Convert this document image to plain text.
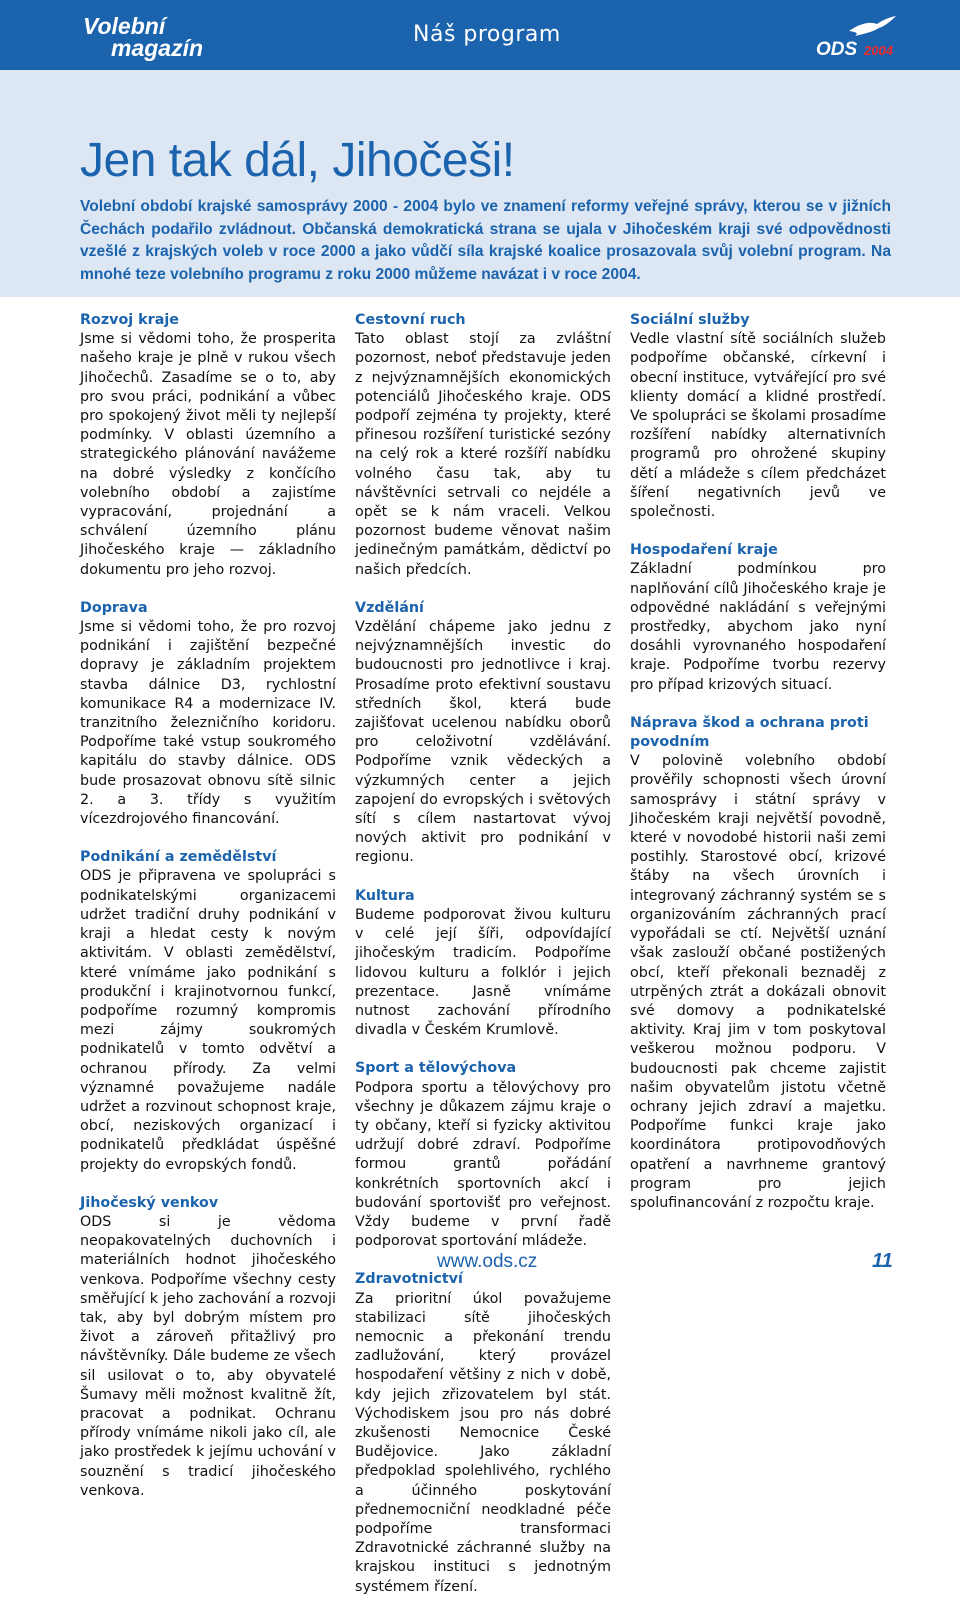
Volební
magazín
Náš program
ODS 2004
Jen tak dál, Jihočeši!

Volební období krajské samosprávy 2000 - 2004 bylo ve znamení reformy veřejné správy, kterou se v jižních Čechách podařilo zvládnout. Občanská demokratická strana se ujala v Jihočeském kraji své odpovědnosti vzešlé z krajských voleb v roce 2000 a jako vůdčí síla krajské koalice prosazovala svůj volební program. Na mnohé teze volebního programu z roku 2000 můžeme navázat i v roce 2004.

Rozvoj kraje

Jsme si vědomi toho, že prosperita našeho kraje je plně v rukou všech Jihočechů. Zasadíme se o to, aby pro svou práci, podnikání a vůbec pro spokojený život měli ty nejlepší podmínky. V oblasti územního a strategického plánování navážeme na dobré výsledky z končícího volebního období a zajistíme vypracování, projednání a schválení územního plánu Jihočeského kraje — základního dokumentu pro jeho rozvoj.

Doprava

Jsme si vědomi toho, že pro rozvoj podnikání i zajištění bezpečné dopravy je základním projektem stavba dálnice D3, rychlostní komunikace R4 a modernizace IV. tranzitního železničního koridoru. Podpoříme také vstup soukromého kapitálu do stavby dálnice. ODS bude prosazovat obnovu sítě silnic 2. a 3. třídy s využitím vícezdrojového financování.

Podnikání a zemědělství

ODS je připravena ve spolupráci s podnikatelskými organizacemi udržet tradiční druhy podnikání v kraji a hledat cesty k novým aktivitám. V oblasti zemědělství, které vnímáme jako podnikání s produkční i krajinotvornou funkcí, podpoříme rozumný kompromis mezi zájmy soukromých podnikatelů v tomto odvětví a ochranou přírody. Za velmi významné považujeme nadále udržet a rozvinout schopnost kraje, obcí, neziskových organizací i podnikatelů předkládat úspěšné projekty do evropských fondů.

Jihočeský venkov

ODS si je vědoma neopakovatelných duchovních i materiálních hodnot jihočeského venkova. Podpoříme všechny cesty směřující k jeho zachování a rozvoji tak, aby byl dobrým místem pro život a zároveň přitažlivý pro návštěvníky. Dále budeme ze všech sil usilovat o to, aby obyvatelé Šumavy měli možnost kvalitně žít, pracovat a podnikat. Ochranu přírody vnímáme nikoli jako cíl, ale jako prostředek k jejímu uchování v souznění s tradicí jihočeského venkova.

Cestovní ruch

Tato oblast stojí za zvláštní pozornost, neboť představuje jeden z nejvýznamnějších ekonomických potenciálů Jihočeského kraje. ODS podpoří zejména ty projekty, které přinesou rozšíření turistické sezóny na celý rok a které rozšíří nabídku volného času tak, aby tu návštěvníci setrvali co nejdéle a opět se k nám vraceli. Velkou pozornost budeme věnovat našim jedinečným památkám, dědictví po našich předcích.

Vzdělání

Vzdělání chápeme jako jednu z nejvýznamnějších investic do budoucnosti pro jednotlivce i kraj. Prosadíme proto efektivní soustavu středních škol, která bude zajišťovat ucelenou nabídku oborů pro celoživotní vzdělávání. Podpoříme vznik vědeckých a výzkumných center a jejich zapojení do evropských i světových sítí s cílem nastartovat vývoj nových aktivit pro podnikání v regionu.

Kultura

Budeme podporovat živou kulturu v celé její šíři, odpovídající jihočeským tradicím. Podpoříme lidovou kulturu a folklór i jejich prezentace. Jasně vnímáme nutnost zachování přírodního divadla v Českém Krumlově.

Sport a tělovýchova

Podpora sportu a tělovýchovy pro všechny je důkazem zájmu kraje o ty občany, kteří si fyzicky aktivitou udržují dobré zdraví. Podpoříme formou grantů pořádání konkrétních sportovních akcí i budování sportovišť pro veřejnost. Vždy budeme v první řadě podporovat sportování mládeže.

Zdravotnictví

Za prioritní úkol považujeme stabilizaci sítě jihočeských nemocnic a překonání trendu zadlužování, který provázel hospodaření většiny z nich v době, kdy jejich zřizovatelem byl stát. Východiskem jsou pro nás dobré zkušenosti Nemocnice České Budějovice. Jako základní předpoklad spolehlivého, rychlého a účinného poskytování přednemocniční neodkladné péče podpoříme transformaci Zdravotnické záchranné služby na krajskou instituci s jednotným systémem řízení.

Sociální služby

Vedle vlastní sítě sociálních služeb podpoříme občanské, církevní i obecní instituce, vytvářející pro své klienty domácí a klidné prostředí. Ve spolupráci se školami prosadíme rozšíření nabídky alternativních programů pro ohrožené skupiny dětí a mládeže s cílem předcházet šíření negativních jevů ve společnosti.

Hospodaření kraje

Základní podmínkou pro naplňování cílů Jihočeského kraje je odpovědné nakládání s veřejnými prostředky, abychom jako nyní dosáhli vyrovnaného hospodaření kraje. Podpoříme tvorbu rezervy pro případ krizových situací.

Náprava škod a ochrana proti povodním

V polovině volebního období prověřily schopnosti všech úrovní samosprávy i státní správy v Jihočeském kraji největší povodně, které v novodobé historii naši zemi postihly. Starostové obcí, krizové štáby na všech úrovních i integrovaný záchranný systém se s organizováním záchranných prací vypořádali se ctí. Největší uznání však zaslouží občané postižených obcí, kteří překonali beznaděj z utrpěných ztrát a dokázali obnovit své domovy a podnikatelské aktivity. Kraj jim v tom poskytoval veškerou možnou podporu. V budoucnosti pak chceme zajistit našim obyvatelům jistotu včetně ochrany jejich zdraví a majetku. Podpoříme funkci kraje jako koordinátora protipovodňových opatření a navrhneme grantový program pro jejich spolufinancování z rozpočtu kraje.

www.ods.cz	11
